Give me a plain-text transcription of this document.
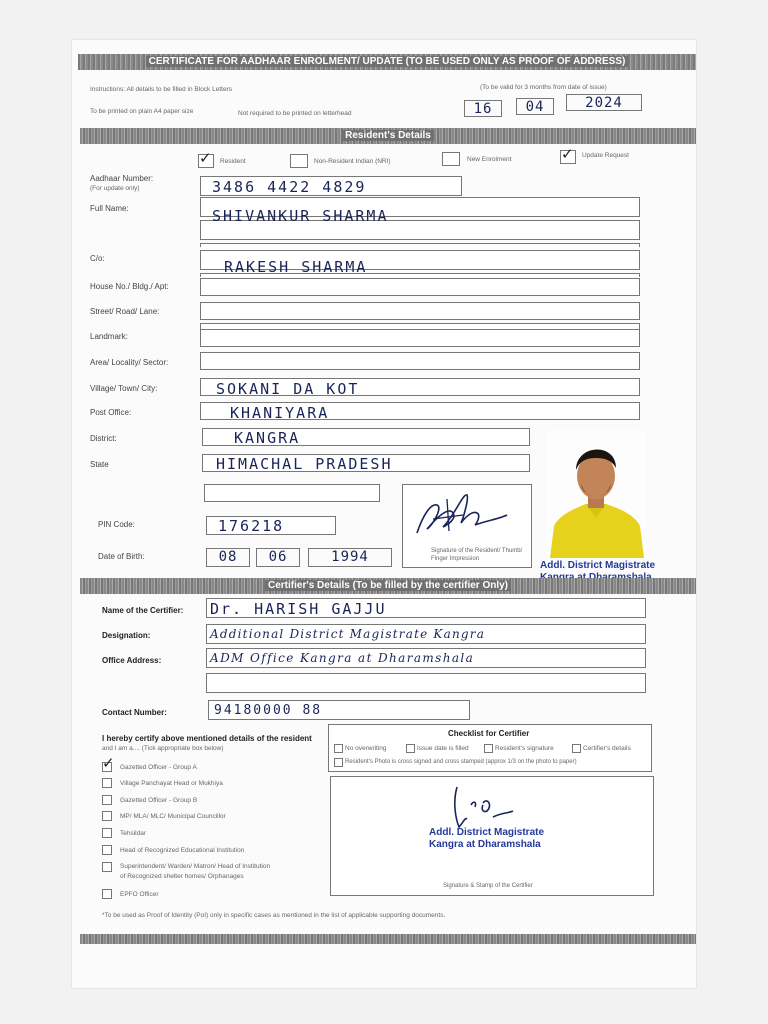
CERTIFICATE FOR AADHAAR ENROLMENT/ UPDATE (TO BE USED ONLY AS PROOF OF ADDRESS)
Instructions: All details to be filled in Block Letters	(To be valid for 3 months from date of issue)
To be printed on plain A4 paper size	Not required to be printed on letterhead	16	04	2024
Resident's Details
✓ Resident	Non-Resident Indian (NRI)	New Enrolment	✓ Update Request
Aadhaar Number:
(For update only)	3486 4422 4829
Full Name:	SHIVANKUR SHARMA
C/o:	RAKESH SHARMA
House No./ Bldg./ Apt:
Street/ Road/ Lane:
Landmark:
Area/ Locality/ Sector:
Village/ Town/ City:	SOKANI DA KOT
Post Office:	KHANIYARA
District:	KANGRA
State	HIMACHAL PRADESH
PIN Code:	176218
Date of Birth:	08	06	1994	Signature of the Resident/ Thumb/ Finger Impression
Addl. District Magistrate
Certifier's Details (To be filled by the certifier Only)
Name of the Certifier: Dr. HARISH GAJJU
Designation:	Additional District Magistrate Kangra
Office Address:	ADM Office Kangra at Dharamshala
Contact Number:	94180000 88
I hereby certify above mentioned details of the resident
and I am a.... (Tick appropriate box below)
✓ Gazetted Officer - Group A
Village Panchayat Head or Mukhiya
Gazetted Officer - Group B
MP/ MLA/ MLC/ Municipal Councillor
Tehsildar
Head of Recognized Educational Institution
Superintendent/ Warden/ Matron/ Head of Institution
of Recognized shelter homes/ Orphanages
EPFO Officer
Checklist for Certifier
No overwriting	Issue date is filled	Resident's signature	Certifier's details
Resident's Photo is cross signed and cross stamped (approx 1/3 on the photo to paper)
Addl. District Magistrate
Kangra at Dharamshala
Signature & Stamp of the Certifier
*To be used as Proof of Identity (PoI) only in specific cases as mentioned in the list of applicable supporting documents.
